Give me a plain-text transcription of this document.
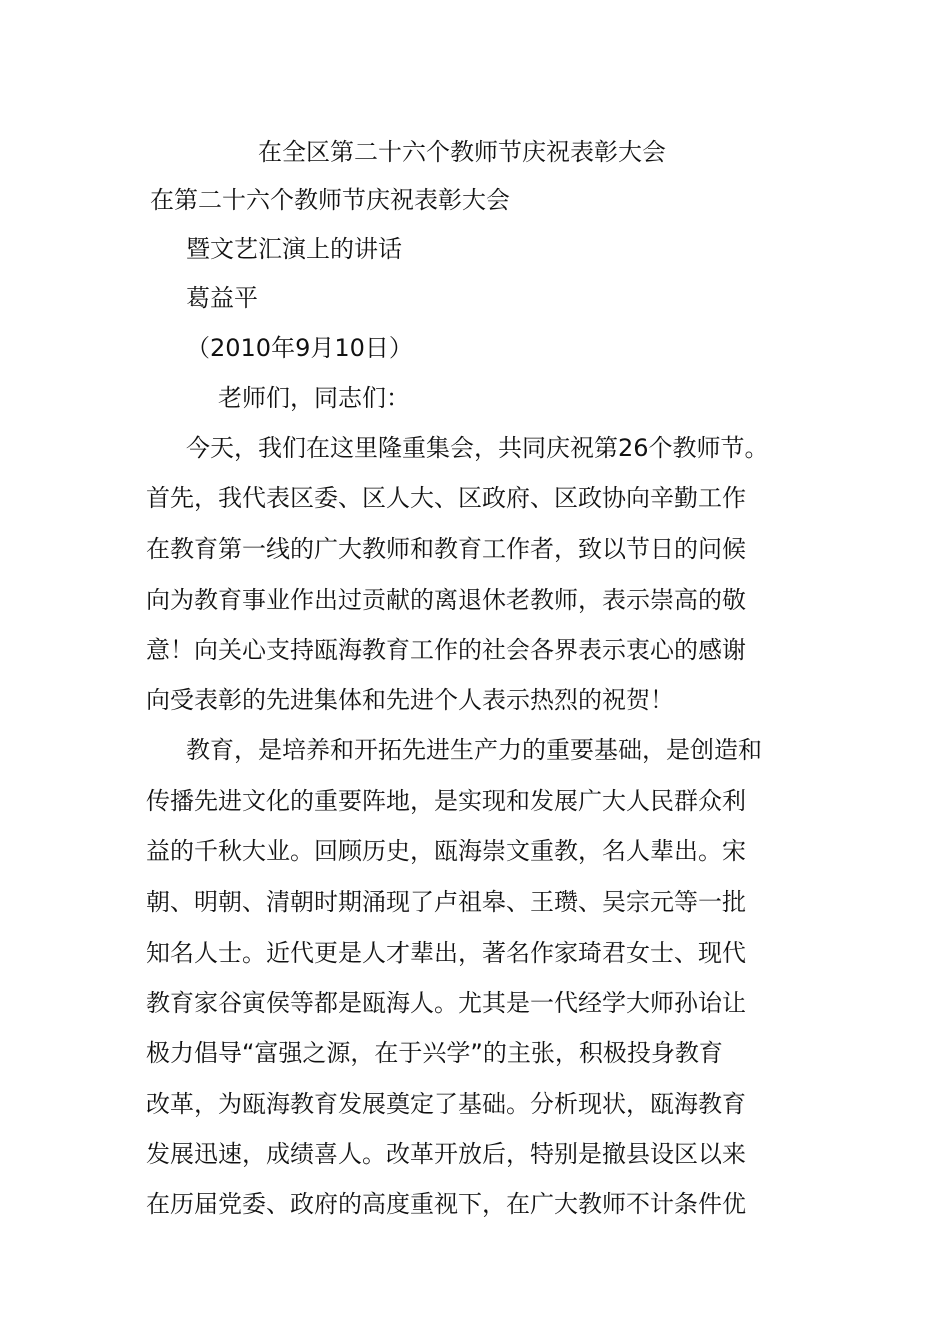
在全区第二十六个教师节庆祝表彰大会
在第二十六个教师节庆祝表彰大会
暨文艺汇演上的讲话
葛益平
（2010年9月10日）
老师们，同志们：
今天，我们在这里隆重集会，共同庆祝第26个教师节。
首先，我代表区委、区人大、区政府、区政协向辛勤工作
在教育第一线的广大教师和教育工作者，致以节日的问候
向为教育事业作出过贡献的离退休老教师，表示崇高的敬
意！向关心支持瓯海教育工作的社会各界表示衷心的感谢
向受表彰的先进集体和先进个人表示热烈的祝贺！
教育，是培养和开拓先进生产力的重要基础，是创造和
传播先进文化的重要阵地，是实现和发展广大人民群众利
益的千秋大业。回顾历史，瓯海崇文重教，名人辈出。宋
朝、明朝、清朝时期涌现了卢祖皋、王瓒、吴宗元等一批
知名人士。近代更是人才辈出，著名作家琦君女士、现代
教育家谷寅侯等都是瓯海人。尤其是一代经学大师孙诒让
极力倡导“富强之源，在于兴学”的主张，积极投身教育
改革，为瓯海教育发展奠定了基础。分析现状，瓯海教育
发展迅速，成绩喜人。改革开放后，特别是撤县设区以来
在历届党委、政府的高度重视下，在广大教师不计条件优
